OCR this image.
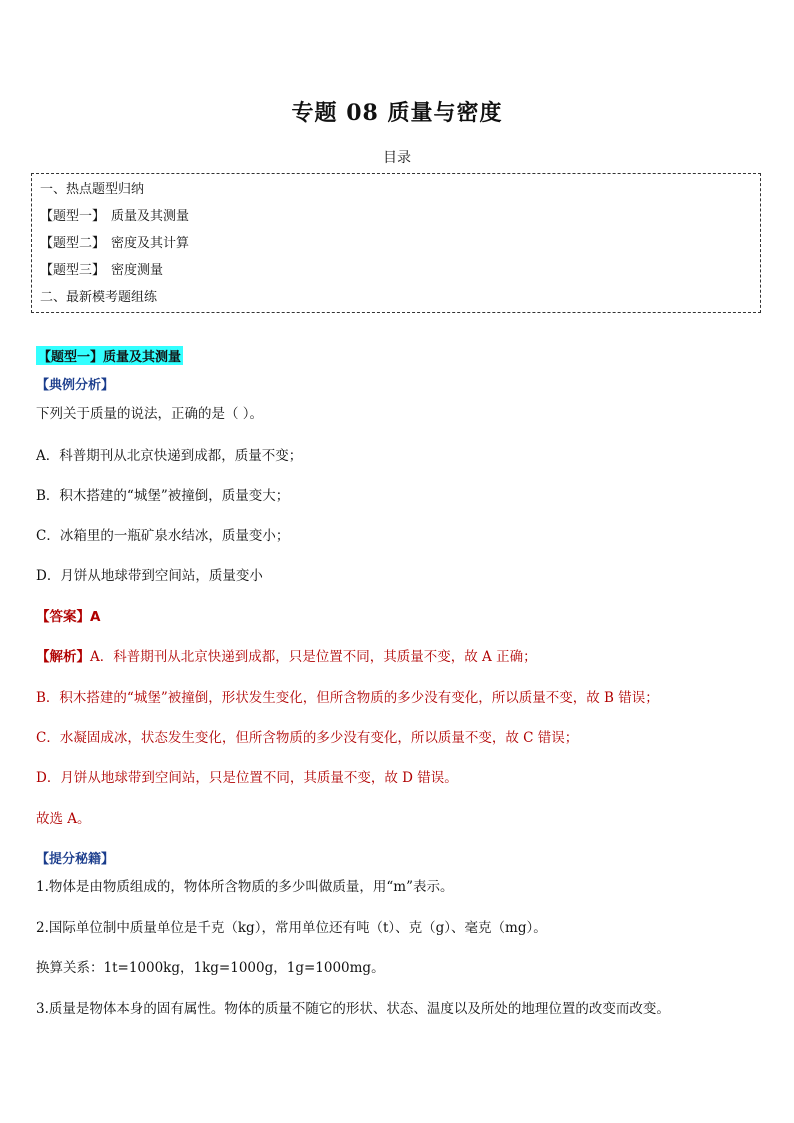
专题 08 质量与密度
目录
一、热点题型归纳
【题型一】 质量及其测量
【题型二】 密度及其计算
【题型三】 密度测量
二、最新模考题组练
【题型一】质量及其测量
【典例分析】
下列关于质量的说法，正确的是（ ）。
A．科普期刊从北京快递到成都，质量不变；
B．积木搭建的“城堡”被撞倒，质量变大；
C．冰箱里的一瓶矿泉水结冰，质量变小；
D．月饼从地球带到空间站，质量变小
【答案】A
【解析】A．科普期刊从北京快递到成都，只是位置不同，其质量不变，故 A 正确；
B．积木搭建的“城堡”被撞倒，形状发生变化，但所含物质的多少没有变化，所以质量不变，故 B 错误；
C．水凝固成冰，状态发生变化，但所含物质的多少没有变化，所以质量不变，故 C 错误；
D．月饼从地球带到空间站，只是位置不同，其质量不变，故 D 错误。
故选 A。
【提分秘籍】
1.物体是由物质组成的，物体所含物质的多少叫做质量，用“m”表示。
2.国际单位制中质量单位是千克（kg），常用单位还有吨（t）、克（g）、毫克（mg）。
换算关系：1t=1000kg，1kg=1000g，1g=1000mg。
3.质量是物体本身的固有属性。物体的质量不随它的形状、状态、温度以及所处的地理位置的改变而改变。
